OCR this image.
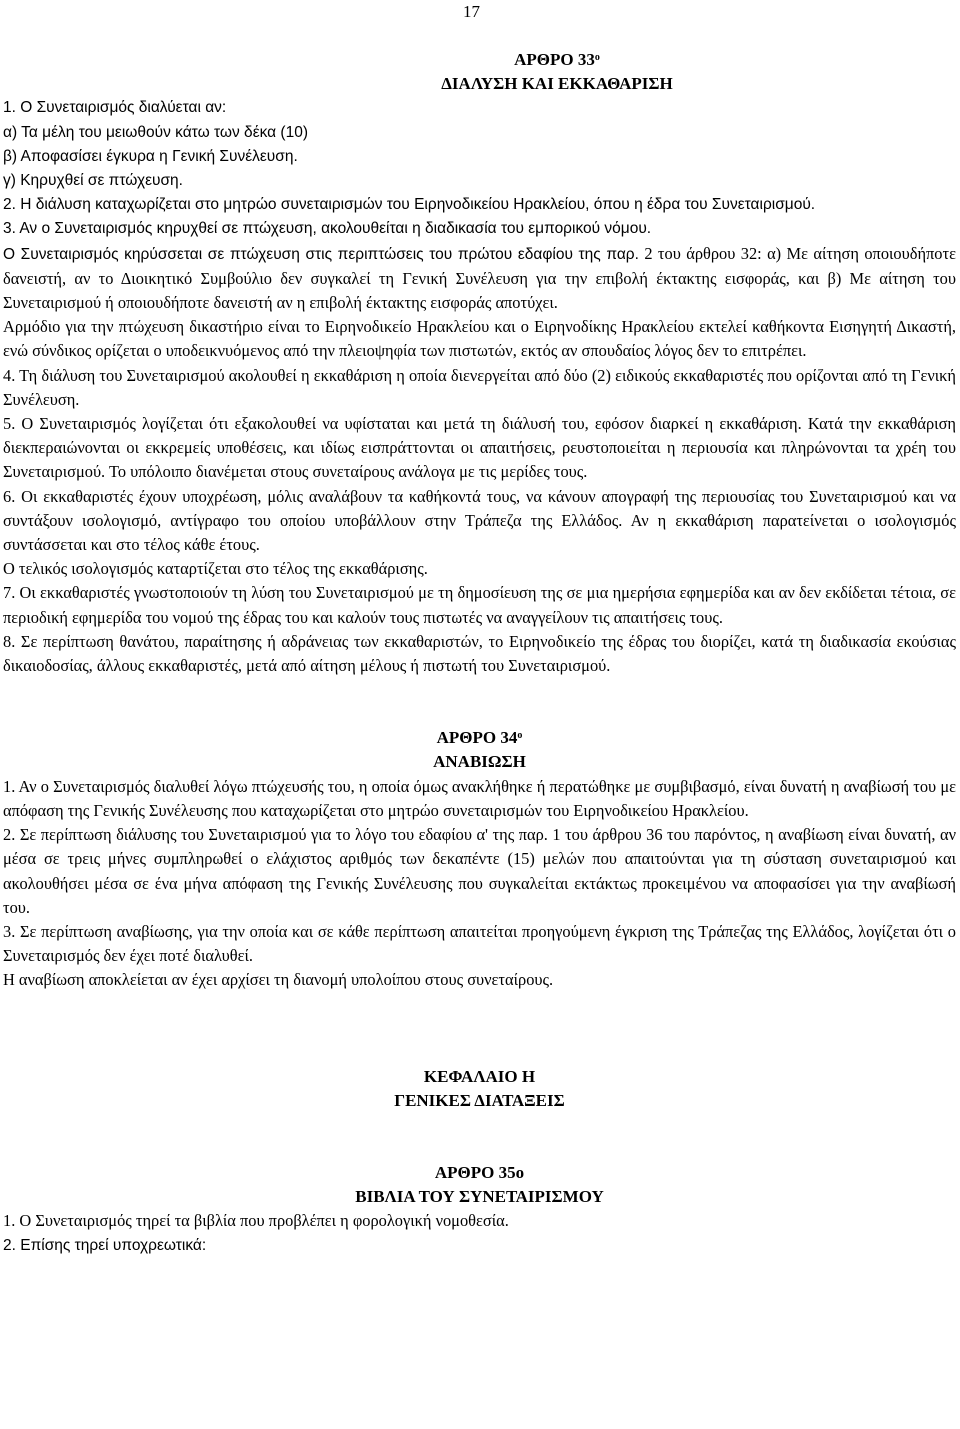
17
ΑΡΘΡΟ $33^o$
ΔΙΑΛΥΣΗ ΚΑΙ ΕΚΚΑΘΑΡΙΣΗ

1. Ο Συνεταιρισμός διαλύεται αν:

α) Τα μέλη του μειωθούν κάτω των δέκα (10)

β) Αποφασίσει έγκυρα η Γενική Συνέλευση.

γ) Κηρυχθεί σε πτώχευση.

2. Η διάλυση καταχωρίζεται στο μητρώο συνεταιρισμών του Ειρηνοδικείου Ηρακλείου, όπου η έδρα του Συνεταιρισμού.

3. Αν ο Συνεταιρισμός κηρυχθεί σε πτώχευση, ακολουθείται η διαδικασία του εμπορικού νόμου.

Ο Συνεταιρισμός κηρύσσεται σε πτώχευση στις περιπτώσεις του πρώτου εδαφίου της παρ. 2 του άρθρου 32: α) Με αίτηση οποιουδήποτε δανειστή, αν το Διοικητικό Συμβούλιο δεν συγκαλεί τη Γενική Συνέλευση για την επιβολή έκτακτης εισφοράς, και β) Με αίτηση του Συνεταιρισμού ή οποιουδήποτε δανειστή αν η επιβολή έκτακτης εισφοράς αποτύχει.

Αρμόδιο για την πτώχευση δικαστήριο είναι το Ειρηνοδικείο Ηρακλείου και ο Ειρηνοδίκης Ηρακλείου εκτελεί καθήκοντα Εισηγητή Δικαστή, ενώ σύνδικος ορίζεται ο υποδεικνυόμενος από την πλειοψηφία των πιστωτών, εκτός αν σπουδαίος λόγος δεν το επιτρέπει.

4. Τη διάλυση του Συνεταιρισμού ακολουθεί η εκκαθάριση η οποία διενεργείται από δύο (2) ειδικούς εκκαθαριστές που ορίζονται από τη Γενική Συνέλευση.

5. Ο Συνεταιρισμός λογίζεται ότι εξακολουθεί να υφίσταται και μετά τη διάλυσή του, εφόσον διαρκεί η εκκαθάριση. Κατά την εκκαθάριση διεκπεραιώνονται οι εκκρεμείς υποθέσεις, και ιδίως εισπράττονται οι απαιτήσεις, ρευστοποιείται η περιουσία και πληρώνονται τα χρέη του Συνεταιρισμού. Το υπόλοιπο διανέμεται στους συνεταίρους ανάλογα με τις μερίδες τους.

6. Οι εκκαθαριστές έχουν υποχρέωση, μόλις αναλάβουν τα καθήκοντά τους, να κάνουν απογραφή της περιουσίας του Συνεταιρισμού και να συντάξουν ισολογισμό, αντίγραφο του οποίου υποβάλλουν στην Τράπεζα της Ελλάδος. Αν η εκκαθάριση παρατείνεται ο ισολογισμός συντάσσεται και στο τέλος κάθε έτους.

Ο τελικός ισολογισμός καταρτίζεται στο τέλος της εκκαθάρισης.

7. Οι εκκαθαριστές γνωστοποιούν τη λύση του Συνεταιρισμού με τη δημοσίευση της σε μια ημερήσια εφημερίδα και αν δεν εκδίδεται τέτοια, σε περιοδική εφημερίδα του νομού της έδρας του και καλούν τους πιστωτές να αναγγείλουν τις απαιτήσεις τους.

8. Σε περίπτωση θανάτου, παραίτησης ή αδράνειας των εκκαθαριστών, το Ειρηνοδικείο της έδρας του διορίζει, κατά τη διαδικασία εκούσιας δικαιοδοσίας, άλλους εκκαθαριστές, μετά από αίτηση μέλους ή πιστωτή του Συνεταιρισμού.

ΑΡΘΡΟ $34^o$
ΑΝΑΒΙΩΣΗ

1. Αν ο Συνεταιρισμός διαλυθεί λόγω πτώχευσής του, η οποία όμως ανακλήθηκε ή περατώθηκε με συμβιβασμό, είναι δυνατή η αναβίωσή του με απόφαση της Γενικής Συνέλευσης που καταχωρίζεται στο μητρώο συνεταιρισμών του Ειρηνοδικείου Ηρακλείου.

2. Σε περίπτωση διάλυσης του Συνεταιρισμού για το λόγο του εδαφίου α' της παρ. 1 του άρθρου 36 του παρόντος, η αναβίωση είναι δυνατή, αν μέσα σε τρεις μήνες συμπληρωθεί ο ελάχιστος αριθμός των δεκαπέντε (15) μελών που απαιτούνται για τη σύσταση συνεταιρισμού και ακολουθήσει μέσα σε ένα μήνα απόφαση της Γενικής Συνέλευσης που συγκαλείται εκτάκτως προκειμένου να αποφασίσει για την αναβίωσή του.

3. Σε περίπτωση αναβίωσης, για την οποία και σε κάθε περίπτωση απαιτείται προηγούμενη έγκριση της Τράπεζας της Ελλάδος, λογίζεται ότι ο Συνεταιρισμός δεν έχει ποτέ διαλυθεί.

Η αναβίωση αποκλείεται αν έχει αρχίσει τη διανομή υπολοίπου στους συνεταίρους.

ΚΕΦΑΛΑΙΟ Η
ΓΕΝΙΚΕΣ ΔΙΑΤΑΞΕΙΣ
ΑΡΘΡΟ 35ο
ΒΙΒΛΙΑ ΤΟΥ ΣΥΝΕΤΑΙΡΙΣΜΟΥ

1. Ο Συνεταιρισμός τηρεί τα βιβλία που προβλέπει η φορολογική νομοθεσία.

2. Επίσης τηρεί υποχρεωτικά:
